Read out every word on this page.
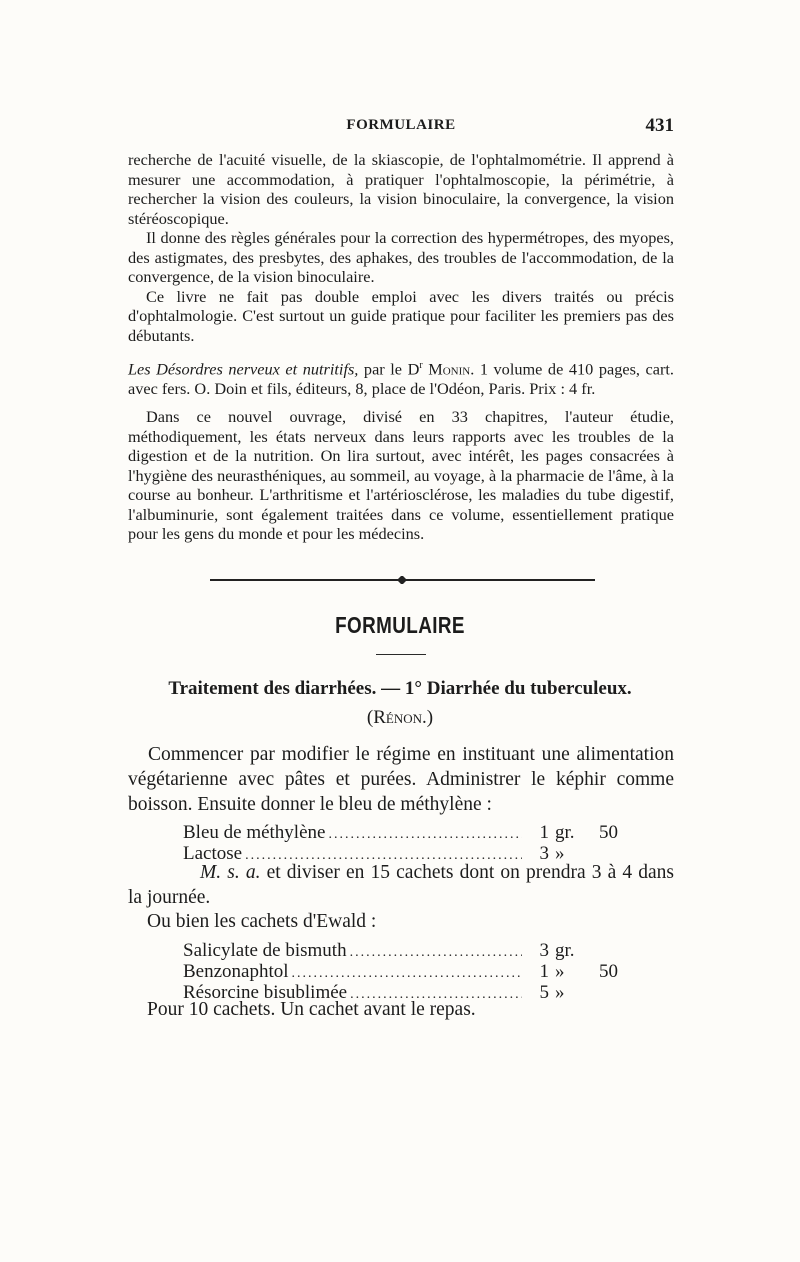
FORMULAIRE	431

recherche de l'acuité visuelle, de la skiascopie, de l'ophtalmométrie. Il apprend à mesurer une accommodation, à pratiquer l'ophtalmoscopie, la périmétrie, à rechercher la vision des couleurs, la vision binoculaire, la convergence, la vision stéréoscopique.

Il donne des règles générales pour la correction des hypermétropes, des myopes, des astigmates, des presbytes, des aphakes, des troubles de l'accommodation, de la convergence, de la vision binoculaire.

Ce livre ne fait pas double emploi avec les divers traités ou précis d'ophtalmologie. C'est surtout un guide pratique pour faciliter les premiers pas des débutants.

Les Désordres nerveux et nutritifs, par le $D^r$ Monin. 1 volume de 410 pages, cart. avec fers. O. Doin et fils, éditeurs, 8, place de l'Odéon, Paris. Prix : 4 fr.

Dans ce nouvel ouvrage, divisé en 33 chapitres, l'auteur étudie, méthodiquement, les états nerveux dans leurs rapports avec les troubles de la digestion et de la nutrition. On lira surtout, avec intérêt, les pages consacrées à l'hygiène des neurasthéniques, au sommeil, au voyage, à la pharmacie de l'âme, à la course au bonheur. L'arthritisme et l'artériosclérose, les maladies du tube digestif, l'albuminurie, sont également traitées dans ce volume, essentiellement pratique pour les gens du monde et pour les médecins.

FORMULAIRE
Traitement des diarrhées. — 1° Diarrhée du tuberculeux.
(Rénon.)

Commencer par modifier le régime en instituant une alimentation végétarienne avec pâtes et purées. Administrer le képhir comme boisson. Ensuite donner le bleu de méthylène :

Bleu de méthylène .....	1 gr.	50
Lactose .....	3 »

M. s. a. et diviser en 15 cachets dont on prendra 3 à 4 dans la journée.

Ou bien les cachets d'Ewald :
Salicylate de bismuth .....	3 gr.
Benzonaphtol .....	1 »	50
Résorcine bisublimée .....	5 »
Pour 10 cachets. Un cachet avant le repas.
